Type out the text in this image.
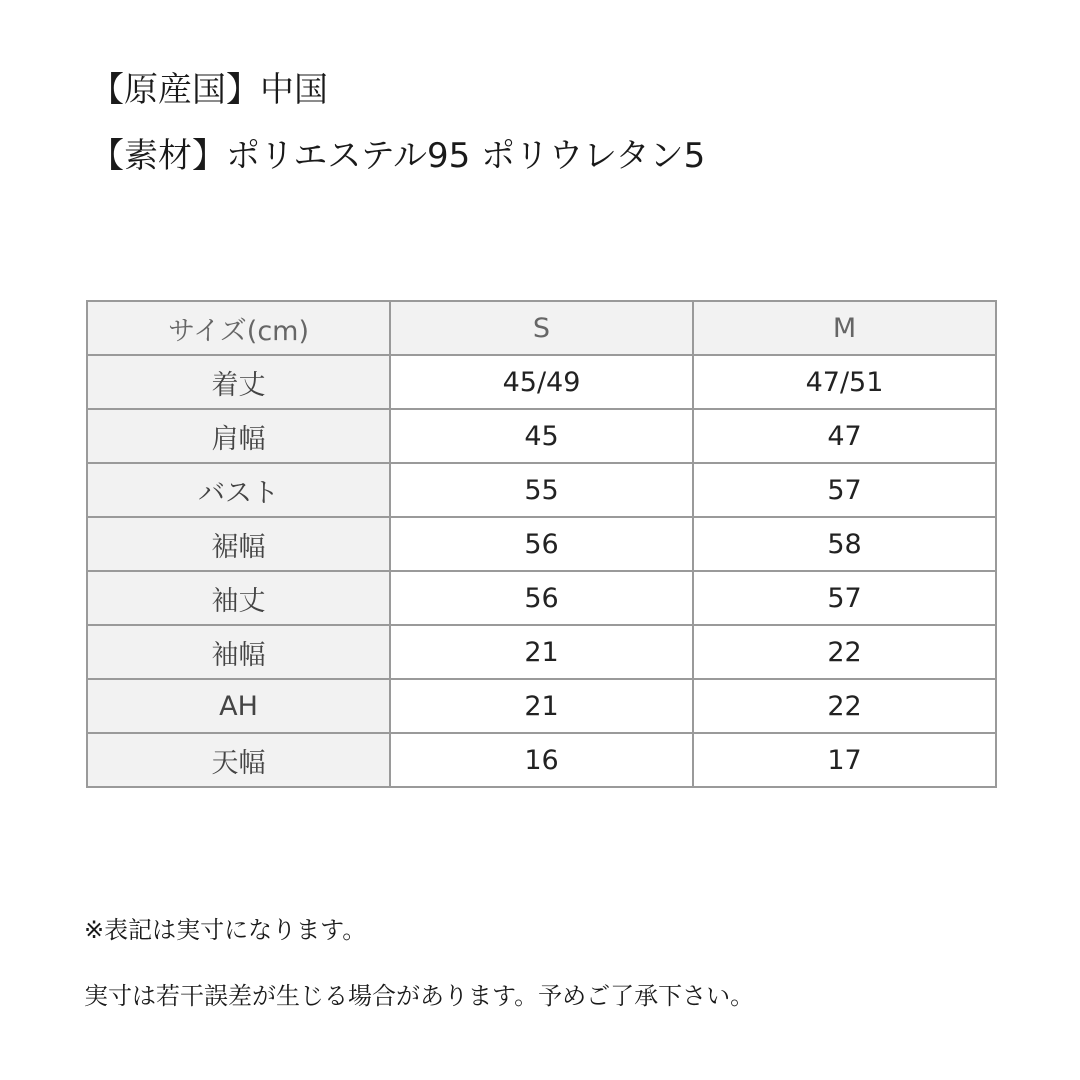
【原産国】中国
【素材】ポリエステル95 ポリウレタン5
サイズ(cm)	S	M
着丈	45/49	47/51
肩幅	45	47
バスト	55	57
裾幅	56	58
袖丈	56	57
袖幅	21	22
AH	21	22
天幅	16	17
※表記は実寸になります。
実寸は若干誤差が生じる場合があります。予めご了承下さい。
